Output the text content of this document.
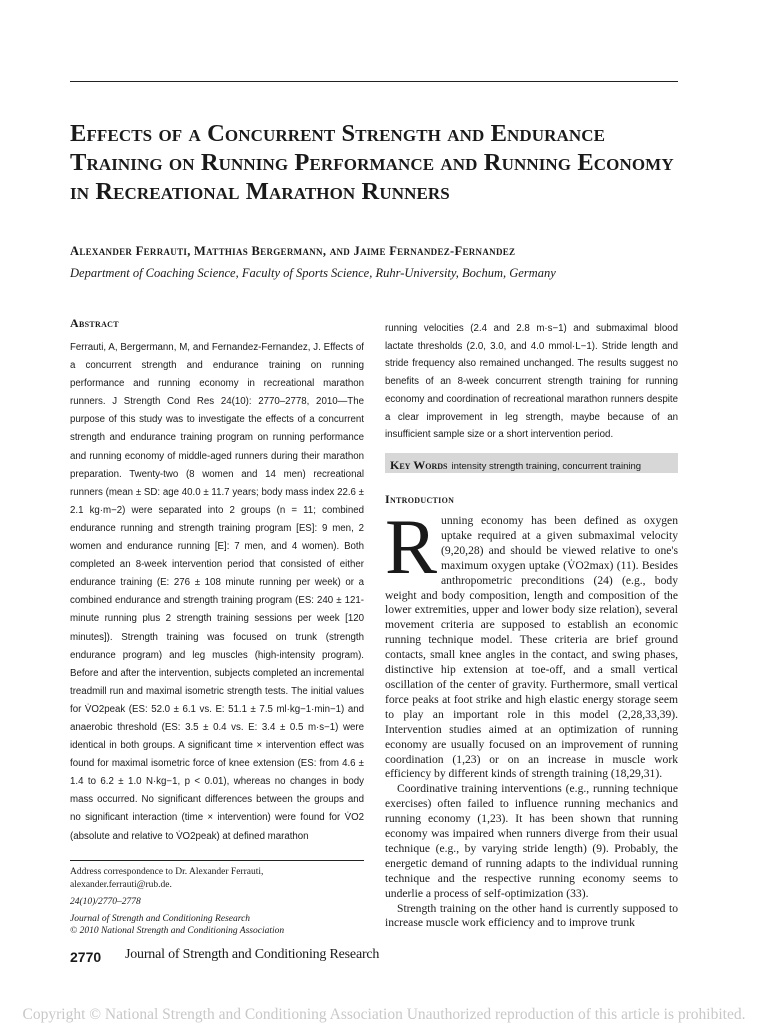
Effects of a Concurrent Strength and Endurance Training on Running Performance and Running Economy in Recreational Marathon Runners
Alexander Ferrauti, Matthias Bergermann, and Jaime Fernandez-Fernandez
Department of Coaching Science, Faculty of Sports Science, Ruhr-University, Bochum, Germany
Abstract
Ferrauti, A, Bergermann, M, and Fernandez-Fernandez, J. Effects of a concurrent strength and endurance training on running performance and running economy in recreational marathon runners. J Strength Cond Res 24(10): 2770–2778, 2010—The purpose of this study was to investigate the effects of a concurrent strength and endurance training program on running performance and running economy of middle-aged runners during their marathon preparation. Twenty-two (8 women and 14 men) recreational runners (mean ± SD: age 40.0 ± 11.7 years; body mass index 22.6 ± 2.1 kg·m−2) were separated into 2 groups (n = 11; combined endurance running and strength training program [ES]: 9 men, 2 women and endurance running [E]: 7 men, and 4 women). Both completed an 8-week intervention period that consisted of either endurance training (E: 276 ± 108 minute running per week) or a combined endurance and strength training program (ES: 240 ± 121-minute running plus 2 strength training sessions per week [120 minutes]). Strength training was focused on trunk (strength endurance program) and leg muscles (high-intensity program). Before and after the intervention, subjects completed an incremental treadmill run and maximal isometric strength tests. The initial values for V̇O2peak (ES: 52.0 ± 6.1 vs. E: 51.1 ± 7.5 ml·kg−1·min−1) and anaerobic threshold (ES: 3.5 ± 0.4 vs. E: 3.4 ± 0.5 m·s−1) were identical in both groups. A significant time × intervention effect was found for maximal isometric force of knee extension (ES: from 4.6 ± 1.4 to 6.2 ± 1.0 N·kg−1, p < 0.01), whereas no changes in body mass occurred. No significant differences between the groups and no significant interaction (time × intervention) were found for V̇O2 (absolute and relative to V̇O2peak) at defined marathon
Address correspondence to Dr. Alexander Ferrauti, alexander.ferrauti@rub.de.
24(10)/2770–2778
Journal of Strength and Conditioning Research
© 2010 National Strength and Conditioning Association
2770 Journal of Strength and Conditioning Research
running velocities (2.4 and 2.8 m·s−1) and submaximal blood lactate thresholds (2.0, 3.0, and 4.0 mmol·L−1). Stride length and stride frequency also remained unchanged. The results suggest no benefits of an 8-week concurrent strength training for running economy and coordination of recreational marathon runners despite a clear improvement in leg strength, maybe because of an insufficient sample size or a short intervention period.
Key Words intensity strength training, concurrent training
Introduction
R unning economy has been defined as oxygen uptake required at a given submaximal velocity (9,20,28) and should be viewed relative to one's maximum oxygen uptake (V̇O2max) (11). Besides anthropometric preconditions (24) (e.g., body weight and body composition, length and composition of the lower extremities, upper and lower body size relation), several movement criteria are supposed to establish an economic running technique model. These criteria are brief ground contacts, small knee angles in the contact, and swing phases, distinctive hip extension at toe-off, and a small vertical oscillation of the center of gravity. Furthermore, small vertical force peaks at foot strike and high elastic energy storage seem to play an important role in this model (2,28,33,39). Intervention studies aimed at an optimization of running economy are usually focused on an improvement of running coordination (1,23) or on an increase in muscle work efficiency by different kinds of strength training (18,29,31).

Coordinative training interventions (e.g., running technique exercises) often failed to influence running mechanics and running economy (1,23). It has been shown that running economy was impaired when runners diverge from their usual technique (e.g., by varying stride length) (9). Probably, the energetic demand of running adapts to the individual running technique and the respective running economy seems to underlie a process of self-optimization (33).

Strength training on the other hand is currently supposed to increase muscle work efficiency and to improve trunk

Copyright © National Strength and Conditioning Association Unauthorized reproduction of this article is prohibited.
